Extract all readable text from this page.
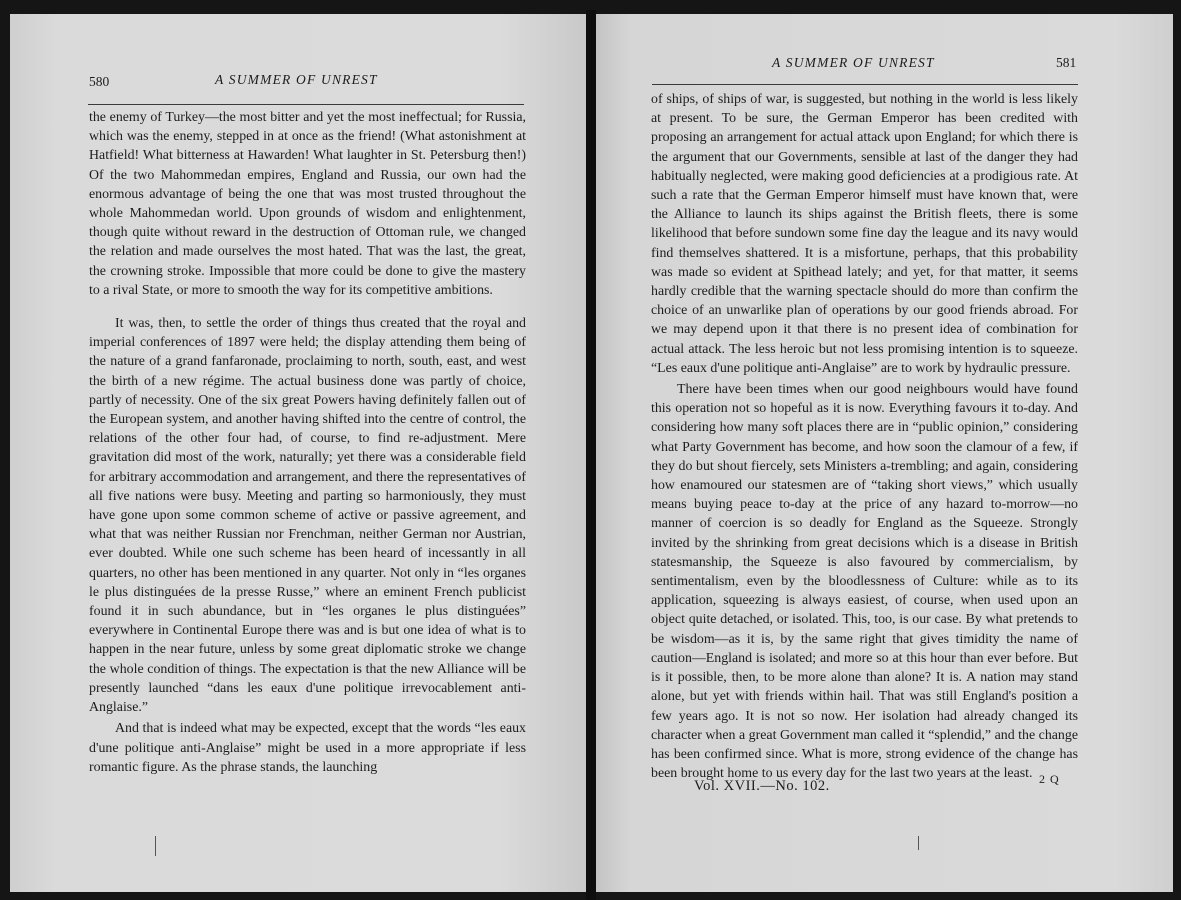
580	A SUMMER OF UNREST

the enemy of Turkey—the most bitter and yet the most ineffectual; for Russia, which was the enemy, stepped in at once as the friend! (What astonishment at Hatfield! What bitterness at Hawarden! What laughter in St. Petersburg then!) Of the two Mahommedan empires, England and Russia, our own had the enormous advantage of being the one that was most trusted throughout the whole Mahommedan world. Upon grounds of wisdom and enlightenment, though quite without reward in the destruction of Ottoman rule, we changed the relation and made ourselves the most hated. That was the last, the great, the crowning stroke. Impossible that more could be done to give the mastery to a rival State, or more to smooth the way for its competitive ambitions.

It was, then, to settle the order of things thus created that the royal and imperial conferences of 1897 were held; the display attending them being of the nature of a grand fanfaronade, proclaiming to north, south, east, and west the birth of a new régime. The actual business done was partly of choice, partly of necessity. One of the six great Powers having definitely fallen out of the European system, and another having shifted into the centre of control, the relations of the other four had, of course, to find re-adjustment. Mere gravitation did most of the work, naturally; yet there was a considerable field for arbitrary accommodation and arrangement, and there the representatives of all five nations were busy. Meeting and parting so harmoniously, they must have gone upon some common scheme of active or passive agreement, and what that was neither Russian nor Frenchman, neither German nor Austrian, ever doubted. While one such scheme has been heard of incessantly in all quarters, no other has been mentioned in any quarter. Not only in “les organes le plus distinguées de la presse Russe,” where an eminent French publicist found it in such abundance, but in “les organes le plus distinguées” everywhere in Continental Europe there was and is but one idea of what is to happen in the near future, unless by some great diplomatic stroke we change the whole condition of things. The expectation is that the new Alliance will be presently launched “dans les eaux d'une politique irrevocablement anti-Anglaise.”

And that is indeed what may be expected, except that the words “les eaux d'une politique anti-Anglaise” might be used in a more appropriate if less romantic figure. As the phrase stands, the launching

A SUMMER OF UNREST	581

of ships, of ships of war, is suggested, but nothing in the world is less likely at present. To be sure, the German Emperor has been credited with proposing an arrangement for actual attack upon England; for which there is the argument that our Governments, sensible at last of the danger they had habitually neglected, were making good deficiencies at a prodigious rate. At such a rate that the German Emperor himself must have known that, were the Alliance to launch its ships against the British fleets, there is some likelihood that before sundown some fine day the league and its navy would find themselves shattered. It is a misfortune, perhaps, that this probability was made so evident at Spithead lately; and yet, for that matter, it seems hardly credible that the warning spectacle should do more than confirm the choice of an unwarlike plan of operations by our good friends abroad. For we may depend upon it that there is no present idea of combination for actual attack. The less heroic but not less promising intention is to squeeze. “Les eaux d'une politique anti-Anglaise” are to work by hydraulic pressure.

There have been times when our good neighbours would have found this operation not so hopeful as it is now. Everything favours it to-day. And considering how many soft places there are in “public opinion,” considering what Party Government has become, and how soon the clamour of a few, if they do but shout fiercely, sets Ministers a-trembling; and again, considering how enamoured our statesmen are of “taking short views,” which usually means buying peace to-day at the price of any hazard to-morrow—no manner of coercion is so deadly for England as the Squeeze. Strongly invited by the shrinking from great decisions which is a disease in British statesmanship, the Squeeze is also favoured by commercialism, by sentimentalism, even by the bloodlessness of Culture: while as to its application, squeezing is always easiest, of course, when used upon an object quite detached, or isolated. This, too, is our case. By what pretends to be wisdom—as it is, by the same right that gives timidity the name of caution—England is isolated; and more so at this hour than ever before. But is it possible, then, to be more alone than alone? It is. A nation may stand alone, but yet with friends within hail. That was still England's position a few years ago. It is not so now. Her isolation had already changed its character when a great Government man called it “splendid,” and the change has been confirmed since. What is more, strong evidence of the change has been brought home to us every day for the last two years at the least.

Vol. XVII.—No. 102.	2 Q
